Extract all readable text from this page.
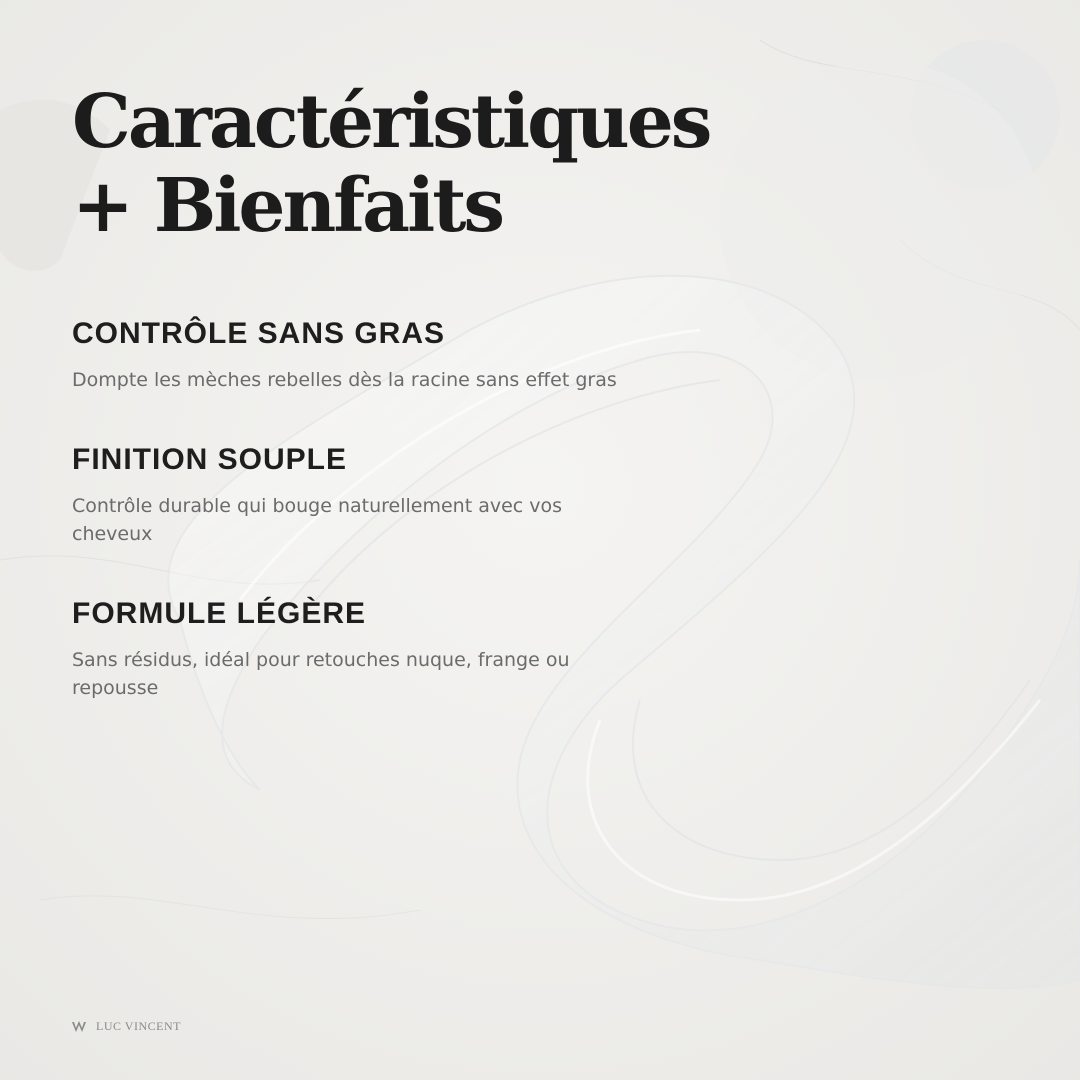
Caractéristiques
+ Bienfaits
CONTRÔLE SANS GRAS

Dompte les mèches rebelles dès la racine sans effet gras

FINITION SOUPLE

Contrôle durable qui bouge naturellement avec vos cheveux

FORMULE LÉGÈRE

Sans résidus, idéal pour retouches nuque, frange ou repousse

LUC VINCENT
